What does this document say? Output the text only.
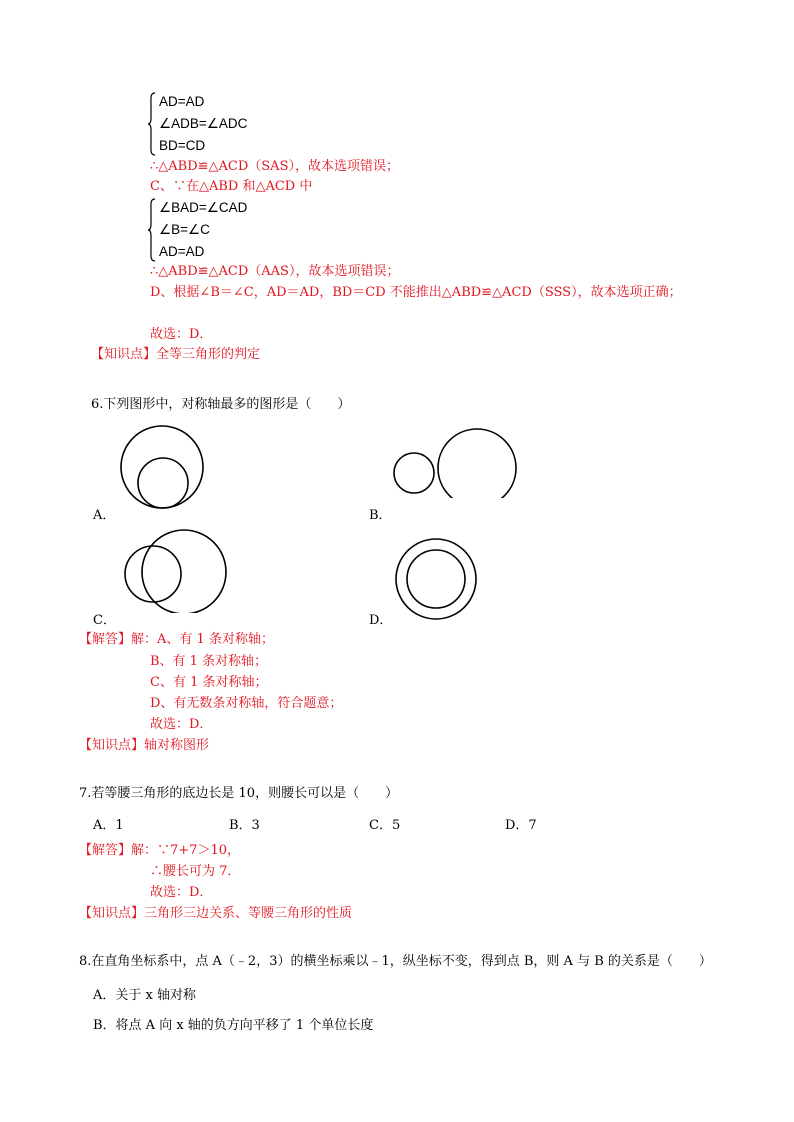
AD=AD
∠ADB=∠ADC
BD=CD
∴△ABD≌△ACD（SAS），故本选项错误；
C、∵在△ABD 和△ACD 中
∠BAD=∠CAD
∠B=∠C
AD=AD
∴△ABD≌△ACD（AAS），故本选项错误；
D、根据∠B＝∠C，AD＝AD，BD＝CD 不能推出△ABD≌△ACD（SSS），故本选项正确；
故选：D．
【知识点】全等三角形的判定
6.下列图形中，对称轴最多的图形是（　　）
A．	B．
C．	D．
【解答】解：A、有 1 条对称轴；
B、有 1 条对称轴；
C、有 1 条对称轴；
D、有无数条对称轴，符合题意；
故选：D．
【知识点】轴对称图形
7.若等腰三角形的底边长是 10，则腰长可以是（　　）
A．1	B．3	C．5	D．7
【解答】解：∵7+7＞10，
∴腰长可为 7．
故选：D．
【知识点】三角形三边关系、等腰三角形的性质
8.在直角坐标系中，点 A（﹣2，3）的横坐标乘以﹣1，纵坐标不变，得到点 B，则 A 与 B 的关系是（　　）
A．关于 x 轴对称
B．将点 A 向 x 轴的负方向平移了 1 个单位长度
